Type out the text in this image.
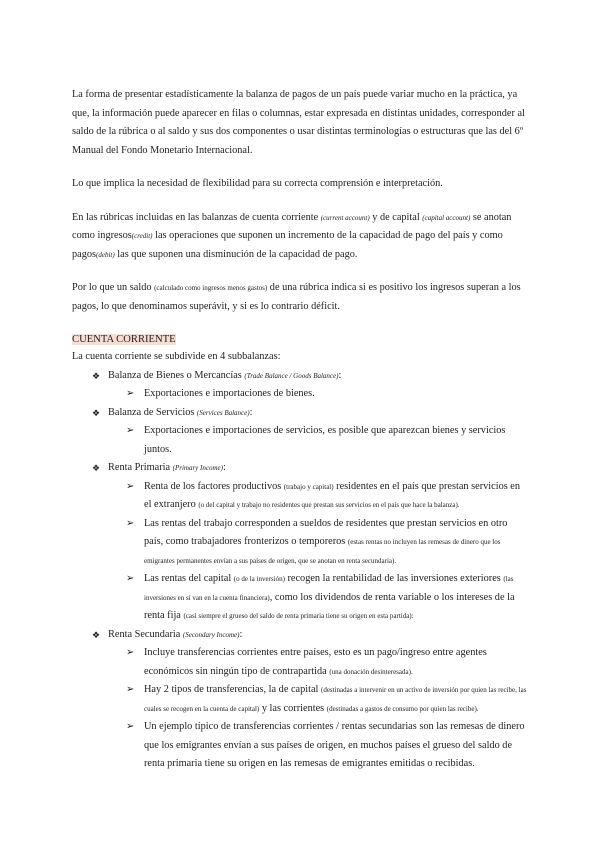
La forma de presentar estadísticamente la balanza de pagos de un país puede variar mucho en la práctica, ya que, la información puede aparecer en filas o columnas, estar expresada en distintas unidades, corresponder al saldo de la rúbrica o al saldo y sus dos componentes o usar distintas terminologías o estructuras que las del 6º Manual del Fondo Monetario Internacional.

Lo que implica la necesidad de flexibilidad para su correcta comprensión e interpretación.

En las rúbricas incluidas en las balanzas de cuenta corriente (current account) y de capital (capital account) se anotan como ingresos(credit) las operaciones que suponen un incremento de la capacidad de pago del país y como pagos(debit) las que suponen una disminución de la capacidad de pago.

Por lo que un saldo (calculado como ingresos menos gastos) de una rúbrica indica si es positivo los ingresos superan a los pagos, lo que denominamos superávit, y si es lo contrario déficit.

CUENTA CORRIENTE

La cuenta corriente se subdivide en 4 subbalanzas:

❖ Balanza de Bienes o Mercancías (Trade Balance / Goods Balance):
➢ Exportaciones e importaciones de bienes.
❖ Balanza de Servicios (Services Balance):
➢ Exportaciones e importaciones de servicios, es posible que aparezcan bienes y servicios juntos.
❖ Renta Primaria (Primary Income):
➢ Renta de los factores productivos (trabajo y capital) residentes en el país que prestan servicios en el extranjero (o del capital y trabajo no residentes que prestan sus servicios en el país que hace la balanza).
➢ Las rentas del trabajo corresponden a sueldos de residentes que prestan servicios en otro país, como trabajadores fronterizos o temporeros (estas rentas no incluyen las remesas de dinero que los emigrantes permanentes envían a sus países de origen, que se anotan en renta secundaria).
➢ Las rentas del capital (o de la inversión) recogen la rentabilidad de las inversiones exteriores (las inversiones en sí van en la cuenta financiera), como los dividendos de renta variable o los intereses de la renta fija (casi siempre el grueso del saldo de renta primaria tiene su origen en esta partida):
❖ Renta Secundaria (Secondary Income):
➢ Incluye transferencias corrientes entre países, esto es un pago/ingreso entre agentes económicos sin ningún tipo de contrapartida (una donación desinteresada).
➢ Hay 2 tipos de transferencias, la de capital (destinadas a intervenir en un activo de inversión por quien las recibe, las cuales se recogen en la cuenta de capital) y las corrientes (destinadas a gastos de consumo por quien las recibe).
➢ Un ejemplo típico de transferencias corrientes / rentas secundarias son las remesas de dinero que los emigrantes envían a sus países de origen, en muchos países el grueso del saldo de renta primaria tiene su origen en las remesas de emigrantes emitidas o recibidas.
